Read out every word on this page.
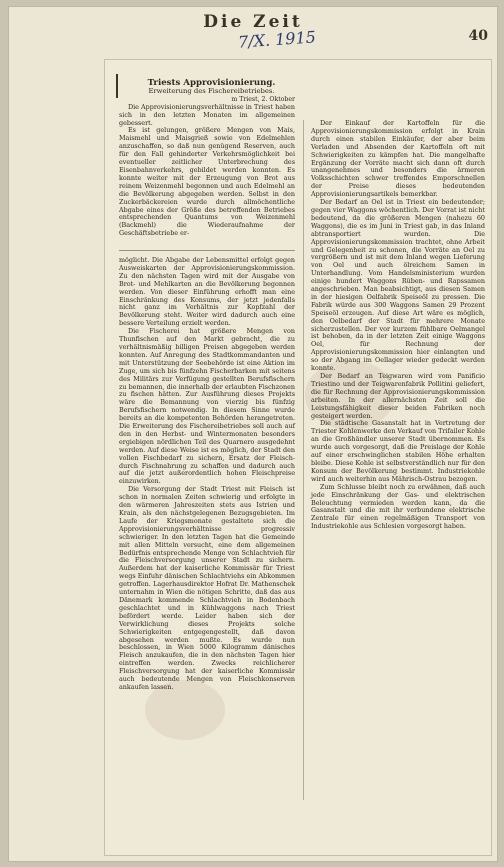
Die Zeit
7/X. 1915	40

Triests Approvisionierung.

Erweiterung des Fischereibetriebes.

m Triest, 2. Oktober

Die Approvisionierungsverhältnisse in Triest haben sich in den letzten Monaten im allgemeinen gebessert.

Es ist gelungen, größere Mengen von Mais, Maismehl und Maisgrieß sowie von Edelmehlen anzuschaffen, so daß nun genügend Reserven, auch für den Fall gehinderter Verkehrsmöglichkeit bei eventueller zeitlicher Unterbrechung des Eisenbahnverkehrs, gebildet werden konnten. Es konnte weiter mit der Erzeugung von Brot aus reinem Weizenmehl begonnen und auch Edelmehl an die Bevölkerung abgegeben werden. Selbst in den Zuckerbäckereien wurde durch allmöchentliche Abgabe eines der Größe des betreffenden Betriebes entsprechenden Quantums von Weizenmehl (Backmehl) die Wiederaufnahme der Geschäftsbetriebe er-

möglicht. Die Abgabe der Lebensmittel erfolgt gegen Ausweiskarten der Approvisionierungskommission. Zu den nächsten Tagen wird mit der Ausgabe von Brot- und Mehlkarten an die Bevölkerung begonnen werden. Von dieser Einführung erhofft man eine Einschränkung des Konsums, der jetzt jedenfalls nicht ganz im Verhältnis zur Kopfzahl der Bevölkerung steht. Weiter wird dadurch auch eine bessere Verteilung erzielt werden.

Die Fischerei hat größere Mengen von Thunfischen auf den Markt gebracht, die zu verhältnismäßig billigen Preisen abgegeben werden konnten. Auf Anregung des Stadtkommandanten und mit Unterstützung der Seebehörde ist eine Aktion im Zuge, um sich bis fünfzehn Fischerbarken mit seitens des Militärs zur Verfügung gestellten Berufsfischern zu bemannen, die innerhalb der erlaubten Fischzonen zu fischen hätten. Zur Ausführung dieses Projekts wäre die Bemannung von vierzig bis fünfzig Berufsfischern notwendig. In diesem Sinne wurde bereits an die kompetenten Behörden herangetreten. Die Erweiterung des Fischereibetriebes soll auch auf den in den Herbst- und Wintermonaten besonders ergiebigen nördlichen Teil des Quarnero ausgedehnt werden. Auf diese Weise ist es möglich, der Stadt den vollen Fischbedarf zu sichern, Ersatz der Fleisch- durch Fischnahrung zu schaffen und dadurch auch auf die jetzt außerordentlich hohen Fleischpreise einzuwirken.

Die Versorgung der Stadt Triest mit Fleisch ist schon in normalen Zeiten schwierig und erfolgte in den wärmeren Jahreszeiten stets aus Istrien und Krain, als den nächstgelegenen Bezugsgebieten. Im Laufe der Kriegsmonate gestaltete sich die Approvisionierungsverhältnisse progressiv schwieriger. In den letzten Tagen hat die Gemeinde mit allen Mitteln versucht, eine dem allgemeinen Bedürfnis entsprechende Menge von Schlachtvieh für die Fleischversorgung unserer Stadt zu sichern. Außerdem hat der kaiserliche Kommissär für Triest wegs Einfuhr dänischen Schlachtviehs ein Abkommen getroffen. Lagerhausdirektor Hofrat Dr. Mathenschek unternahm in Wien die nötigen Schritte, daß das aus Dänemark kommende Schlachtvieh in Bodenbach geschlachtet und in Kühlwaggons nach Triest befördert werde. Leider haben sich der Verwirklichung dieses Projekts solche Schwierigkeiten entgegengestellt, daß davon abgesehen werden mußte. Es wurde nun beschlossen, in Wien 5000 Kilogramm dänisches Fleisch anzukaufen, die in den nächsten Tagen hier eintreffen werden. Zwecks reichlicherer Fleischversorgung hat der kaiserliche Kommissär auch bedeutende Mengen von Fleischkonserven ankaufen lassen.

Der Einkauf der Kartoffeln für die Approvisionierungskommission erfolgt in Krain durch einen stabilen Einkäufer, der aber beim Verladen und Absenden der Kartoffeln oft mit Schwierigkeiten zu kämpfen hat. Die mangelhafte Ergänzung der Vorräte macht sich dann oft durch unangenehmes und besonders die ärmeren Volksschichten schwer treffendes Emporschnellen der Preise dieses bedeutenden Approvisionierungsartikels bemerkbar.

Der Bedarf an Oel ist in Triest ein bedeutender; gegen vier Waggons wöchentlich. Der Vorrat ist nicht bedeutend, da die größeren Mengen (nahezu 60 Waggons), die es im Juni in Triest gab, in das Inland abtransportiert wurden. Die Approvisionierungskommission trachtet, ohne Arbeit und Gelegenheit zu schonen, die Vorräte an Oel zu vergrößern und ist mit dem Inland wegen Lieferung von Oel und auch ölreichem Samen in Unterhandlung. Vom Handelsministerium wurden einige hundert Waggons Rüben- und Rapssamen angeschrieben. Man beabsichtigt, aus diesen Samen in der hiesigen Oelfabrik Speiseöl zu pressen. Die Fabrik würde aus 300 Waggons Samen 29 Prozent Speiseöl erzeugen. Auf diese Art wäre es möglich, den Oelbedarf der Stadt für mehrere Monate sicherzustellen. Der vor kurzem fühlbare Oelmangel ist behoben, da in der letzten Zeit einige Waggons Oel, für Rechnung der Approvisionierungskommission hier einlangten und so der Abgang im Oellager wieder gedeckt werden konnte.

Der Bedarf an Teigwaren wird vom Panificio Triestino und der Teigwarenfabrik Pollitini geliefert, die für Rechnung der Approvisionierungskommission arbeiten. In der allernächsten Zeit soll die Leistungsfähigkeit dieser beiden Fabriken noch gesteigert werden.

Die städtische Gasanstalt hat in Vertretung der Triester Kohlenwerke den Verkauf von Trifailer Kohle an die Großhändler unserer Stadt übernommen. Es wurde auch vorgesorgt, daß die Preislage der Kohle auf einer erschwinglichen stabilen Höhe erhalten bleibe. Diese Kohle ist selbstverständlich nur für den Konsum der Bevölkerung bestimmt. Industriekohle wird auch weiterhin aus Mährisch-Ostrau bezogen.

Zum Schlusse bleibt noch zu erwähnen, daß auch jede Einschränkung der Gas- und elektrischen Beleuchtung vermieden werden kann, da die Gasanstalt und die mit ihr verbundene elektrische Zentrale für einen regelmäßigen Transport von Industriekohle aus Schlesien vorgesorgt haben.
